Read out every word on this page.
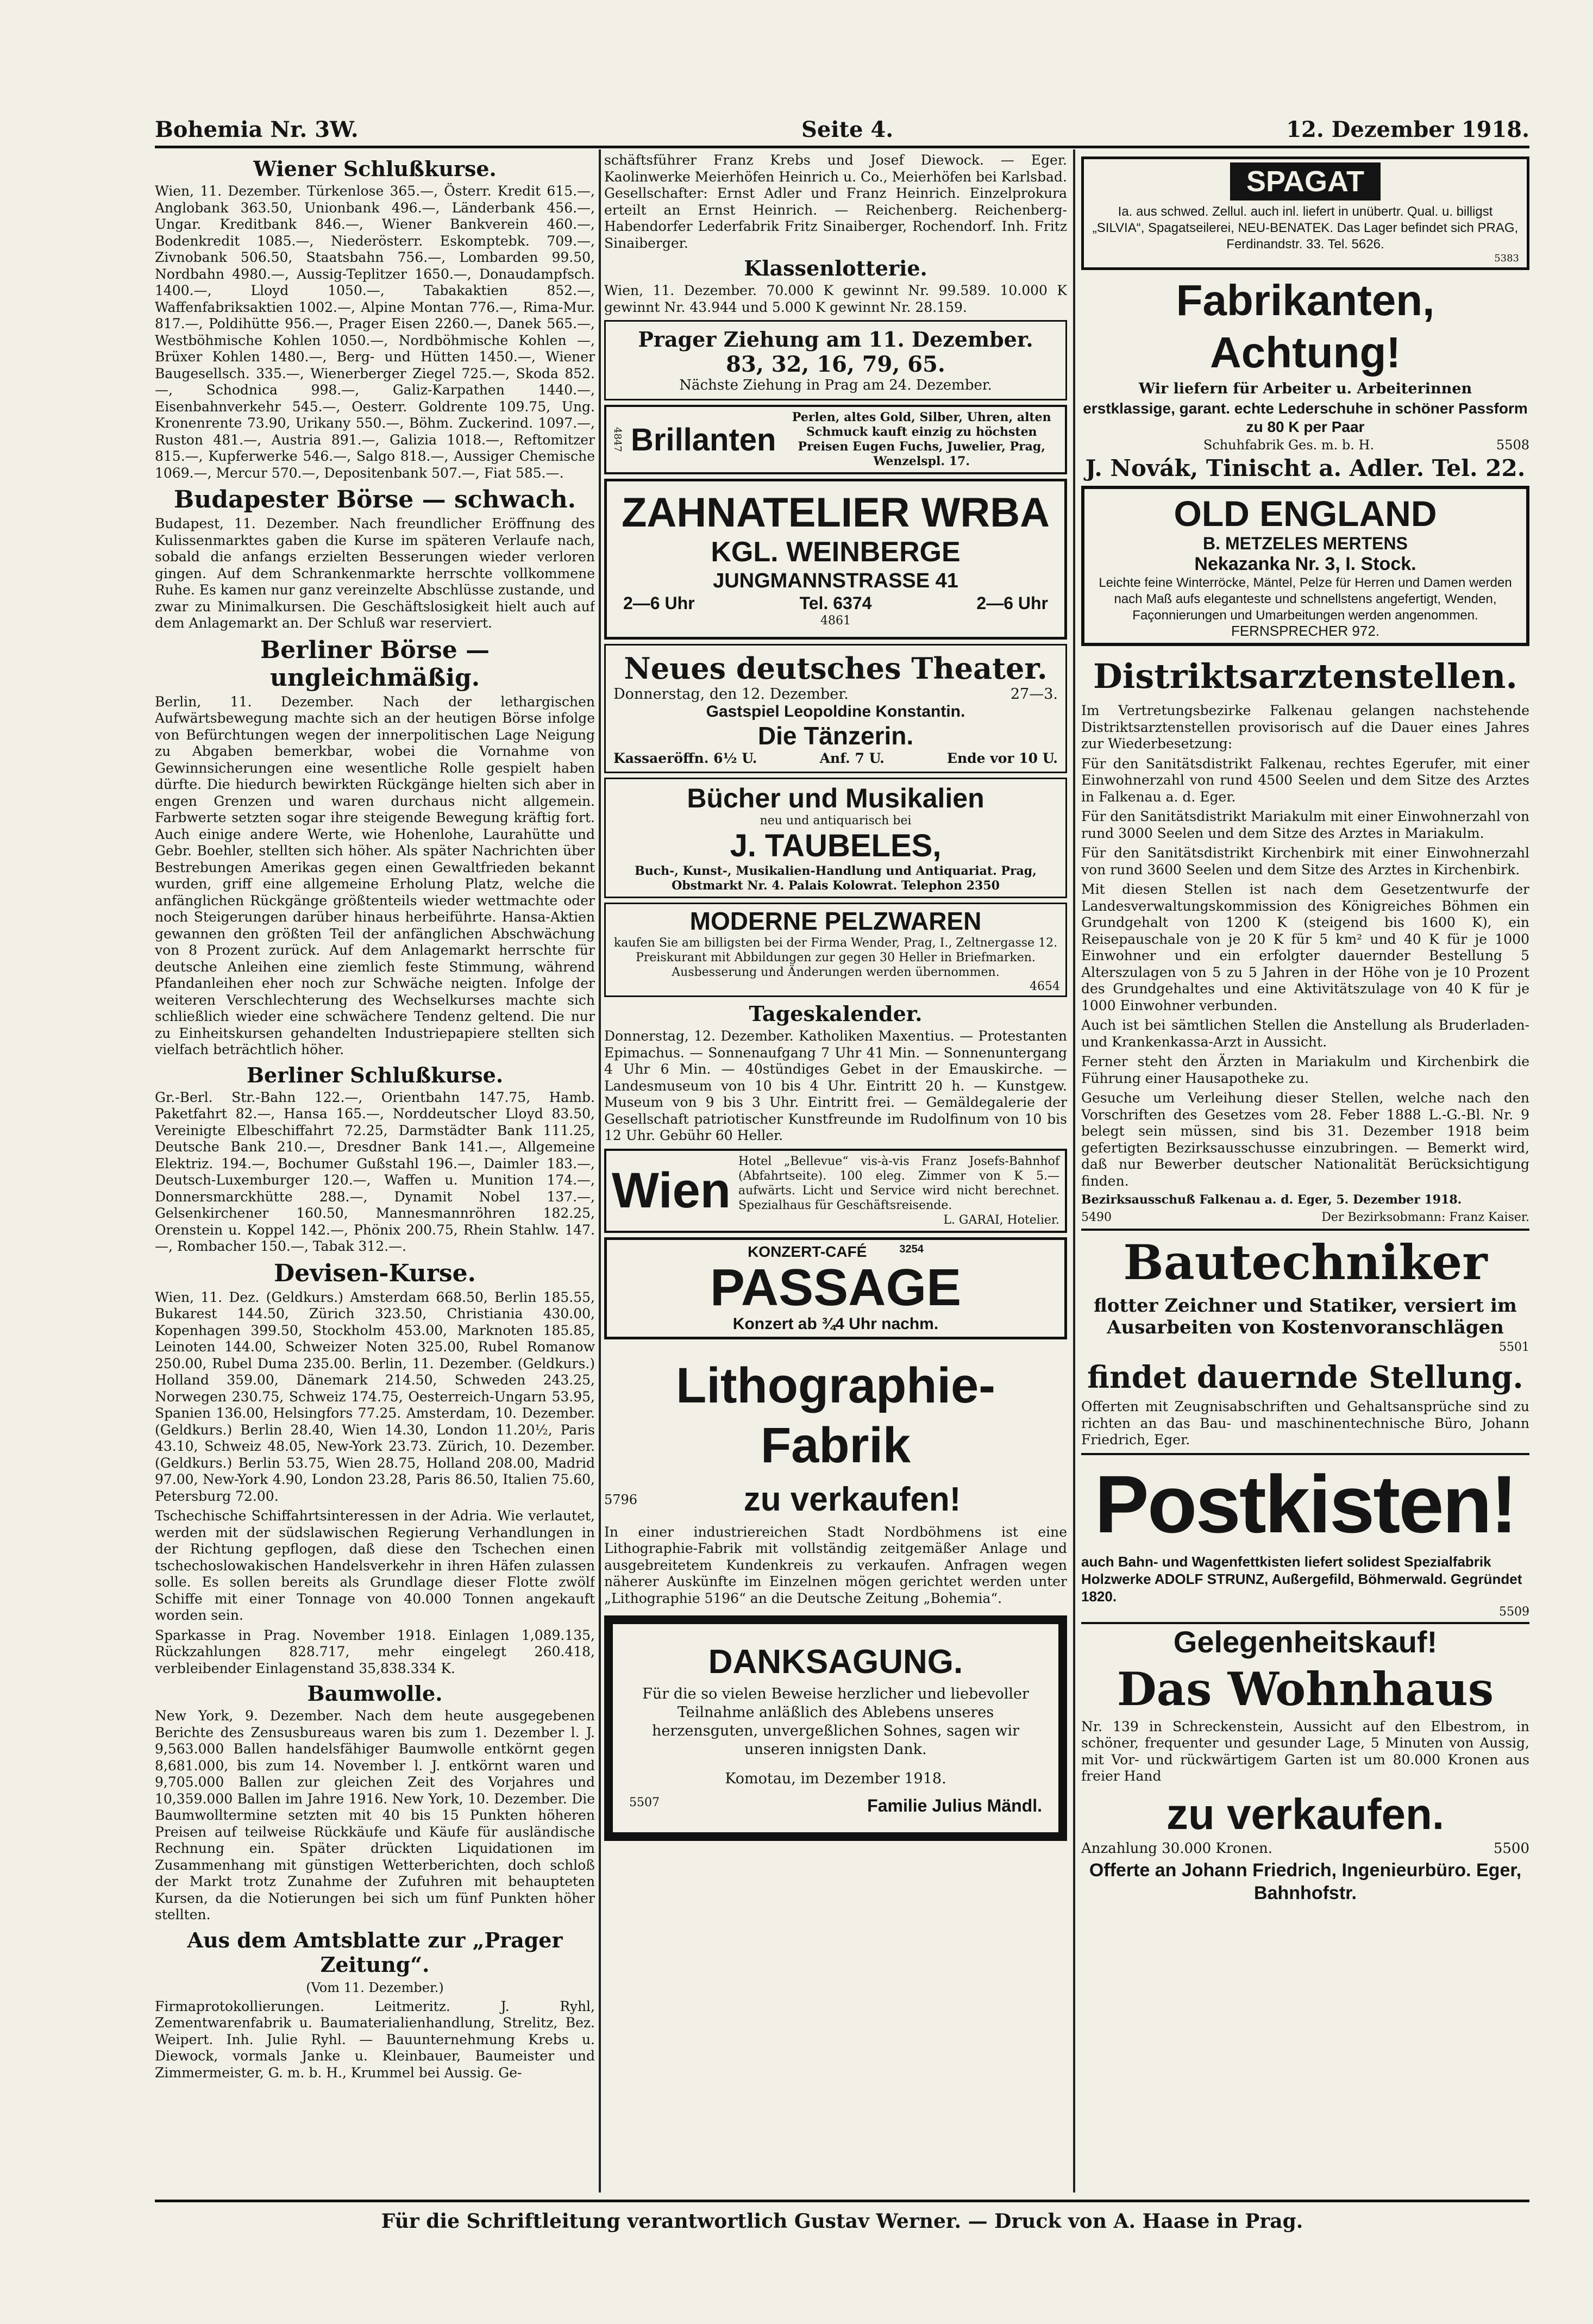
Bohemia Nr. 3W.	Seite 4.	12. Dezember 1918.
Wiener Schlußkurse.

Wien, 11. Dezember. Türkenlose 365.—, Österr. Kredit 615.—, Anglobank 363.50, Unionbank 496.—, Länderbank 456.—, Ungar. Kreditbank 846.—, Wiener Bankverein 460.—, Bodenkredit 1085.—, Niederösterr. Eskomptebk. 709.—, Zivnobank 506.50, Staatsbahn 756.—, Lombarden 99.50, Nordbahn 4980.—, Aussig-Teplitzer 1650.—, Donaudampfsch. 1400.—, Lloyd 1050.—, Tabakaktien 852.—, Waffenfabriksaktien 1002.—, Alpine Montan 776.—, Rima-Mur. 817.—, Poldihütte 956.—, Prager Eisen 2260.—, Danek 565.—, Westböhmische Kohlen 1050.—, Nordböhmische Kohlen —, Brüxer Kohlen 1480.—, Berg- und Hütten 1450.—, Wiener Baugesellsch. 335.—, Wienerberger Ziegel 725.—, Skoda 852.—, Schodnica 998.—, Galiz-Karpathen 1440.—, Eisenbahnverkehr 545.—, Oesterr. Goldrente 109.75, Ung. Kronenrente 73.90, Urikany 550.—, Böhm. Zuckerind. 1097.—, Ruston 481.—, Austria 891.—, Galizia 1018.—, Reftomitzer 815.—, Kupferwerke 546.—, Salgo 818.—, Aussiger Chemische 1069.—, Mercur 570.—, Depositenbank 507.—, Fiat 585.—.

Budapester Börse — schwach.

Budapest, 11. Dezember. Nach freundlicher Eröffnung des Kulissenmarktes gaben die Kurse im späteren Verlaufe nach, sobald die anfangs erzielten Besserungen wieder verloren gingen. Auf dem Schrankenmarkte herrschte vollkommene Ruhe. Es kamen nur ganz vereinzelte Abschlüsse zustande, und zwar zu Minimalkursen. Die Geschäftslosigkeit hielt auch auf dem Anlagemarkt an. Der Schluß war reserviert.

Berliner Börse — ungleichmäßig.

Berlin, 11. Dezember. Nach der lethargischen Aufwärtsbewegung machte sich an der heutigen Börse infolge von Befürchtungen wegen der innerpolitischen Lage Neigung zu Abgaben bemerkbar, wobei die Vornahme von Gewinnsicherungen eine wesentliche Rolle gespielt haben dürfte. Die hiedurch bewirkten Rückgänge hielten sich aber in engen Grenzen und waren durchaus nicht allgemein. Farbwerte setzten sogar ihre steigende Bewegung kräftig fort. Auch einige andere Werte, wie Hohenlohe, Laurahütte und Gebr. Boehler, stellten sich höher. Als später Nachrichten über Bestrebungen Amerikas gegen einen Gewaltfrieden bekannt wurden, griff eine allgemeine Erholung Platz, welche die anfänglichen Rückgänge größtenteils wieder wettmachte oder noch Steigerungen darüber hinaus herbeiführte. Hansa-Aktien gewannen den größten Teil der anfänglichen Abschwächung von 8 Prozent zurück. Auf dem Anlagemarkt herrschte für deutsche Anleihen eine ziemlich feste Stimmung, während Pfandanleihen eher noch zur Schwäche neigten. Infolge der weiteren Verschlechterung des Wechselkurses machte sich schließlich wieder eine schwächere Tendenz geltend. Die nur zu Einheitskursen gehandelten Industriepapiere stellten sich vielfach beträchtlich höher.

Berliner Schlußkurse.

Gr.-Berl. Str.-Bahn 122.—, Orientbahn 147.75, Hamb. Paketfahrt 82.—, Hansa 165.—, Norddeutscher Lloyd 83.50, Vereinigte Elbeschiffahrt 72.25, Darmstädter Bank 111.25, Deutsche Bank 210.—, Dresdner Bank 141.—, Allgemeine Elektriz. 194.—, Bochumer Gußstahl 196.—, Daimler 183.—, Deutsch-Luxemburger 120.—, Waffen u. Munition 174.—, Donnersmarckhütte 288.—, Dynamit Nobel 137.—, Gelsenkirchener 160.50, Mannesmannröhren 182.25, Orenstein u. Koppel 142.—, Phönix 200.75, Rhein Stahlw. 147.—, Rombacher 150.—, Tabak 312.—.

Devisen-Kurse.

Wien, 11. Dez. (Geldkurs.) Amsterdam 668.50, Berlin 185.55, Bukarest 144.50, Zürich 323.50, Christiania 430.00, Kopenhagen 399.50, Stockholm 453.00, Marknoten 185.85, Leinoten 144.00, Schweizer Noten 325.00, Rubel Romanow 250.00, Rubel Duma 235.00. Berlin, 11. Dezember. (Geldkurs.) Holland 359.00, Dänemark 214.50, Schweden 243.25, Norwegen 230.75, Schweiz 174.75, Oesterreich-Ungarn 53.95, Spanien 136.00, Helsingfors 77.25. Amsterdam, 10. Dezember. (Geldkurs.) Berlin 28.40, Wien 14.30, London 11.20½, Paris 43.10, Schweiz 48.05, New-York 23.73. Zürich, 10. Dezember. (Geldkurs.) Berlin 53.75, Wien 28.75, Holland 208.00, Madrid 97.00, New-York 4.90, London 23.28, Paris 86.50, Italien 75.60, Petersburg 72.00.

Tschechische Schiffahrtsinteressen in der Adria. Wie verlautet, werden mit der südslawischen Regierung Verhandlungen in der Richtung gepflogen, daß diese den Tschechen einen tschechoslowakischen Handelsverkehr in ihren Häfen zulassen solle. Es sollen bereits als Grundlage dieser Flotte zwölf Schiffe mit einer Tonnage von 40.000 Tonnen angekauft worden sein.

Sparkasse in Prag. November 1918. Einlagen 1,089.135, Rückzahlungen 828.717, mehr eingelegt 260.418, verbleibender Einlagenstand 35,838.334 K.

Baumwolle.

New York, 9. Dezember. Nach dem heute ausgegebenen Berichte des Zensusbureaus waren bis zum 1. Dezember l. J. 9,563.000 Ballen handelsfähiger Baumwolle entkörnt gegen 8,681.000, bis zum 14. November l. J. entkörnt waren und 9,705.000 Ballen zur gleichen Zeit des Vorjahres und 10,359.000 Ballen im Jahre 1916. New York, 10. Dezember. Die Baumwolltermine setzten mit 40 bis 15 Punkten höheren Preisen auf teilweise Rückkäufe und Käufe für ausländische Rechnung ein. Später drückten Liquidationen im Zusammenhang mit günstigen Wetterberichten, doch schloß der Markt trotz Zunahme der Zufuhren mit behaupteten Kursen, da die Notierungen bei sich um fünf Punkten höher stellten.

Aus dem Amtsblatte zur „Prager Zeitung“.
(Vom 11. Dezember.)

Firmaprotokollierungen. Leitmeritz. J. Ryhl, Zementwarenfabrik u. Baumaterialienhandlung, Strelitz, Bez. Weipert. Inh. Julie Ryhl. — Bauunternehmung Krebs u. Diewock, vormals Janke u. Kleinbauer, Baumeister und Zimmermeister, G. m. b. H., Krummel bei Aussig. Ge-

schäftsführer Franz Krebs und Josef Diewock. — Eger. Kaolinwerke Meierhöfen Heinrich u. Co., Meierhöfen bei Karlsbad. Gesellschafter: Ernst Adler und Franz Heinrich. Einzelprokura erteilt an Ernst Heinrich. — Reichenberg. Reichenberg-Habendorfer Lederfabrik Fritz Sinaiberger, Rochendorf. Inh. Fritz Sinaiberger.

Klassenlotterie.

Wien, 11. Dezember. 70.000 K gewinnt Nr. 99.589. 10.000 K gewinnt Nr. 43.944 und 5.000 K gewinnt Nr. 28.159.

Prager Ziehung am 11. Dezember.
83, 32, 16, 79, 65.
Nächste Ziehung in Prag am 24. Dezember.
4847 Brillanten
Perlen, altes Gold, Silber, Uhren, alten Schmuck kauft einzig zu höchsten Preisen Eugen Fuchs, Juwelier, Prag, Wenzelspl. 17.
ZAHNATELIER WRBA
KGL. WEINBERGE
JUNGMANNSTRASSE 41
2—6 Uhr	Tel. 6374	2—6 Uhr
4861
Neues deutsches Theater.
Donnerstag, den 12. Dezember.	27—3.
Gastspiel Leopoldine Konstantin.
Die Tänzerin.
Kassaeröffn. 6½ U.	Anf. 7 U.	Ende vor 10 U.
Bücher und Musikalien
neu und antiquarisch bei
J. TAUBELES,
Buch-, Kunst-, Musikalien-Handlung und Antiquariat. Prag, Obstmarkt Nr. 4. Palais Kolowrat. Telephon 2350
MODERNE PELZWAREN
kaufen Sie am billigsten bei der Firma Wender, Prag, I., Zeltnergasse 12. Preiskurant mit Abbildungen zur gegen 30 Heller in Briefmarken. Ausbesserung und Änderungen werden übernommen.
4654
Tageskalender.

Donnerstag, 12. Dezember. Katholiken Maxentius. — Protestanten Epimachus. — Sonnenaufgang 7 Uhr 41 Min. — Sonnenuntergang 4 Uhr 6 Min. — 40stündiges Gebet in der Emauskirche. — Landesmuseum von 10 bis 4 Uhr. Eintritt 20 h. — Kunstgew. Museum von 9 bis 3 Uhr. Eintritt frei. — Gemäldegalerie der Gesellschaft patriotischer Kunstfreunde im Rudolfinum von 10 bis 12 Uhr. Gebühr 60 Heller.

Wien
Hotel „Bellevue“ vis-à-vis Franz Josefs-Bahnhof (Abfahrtseite). 100 eleg. Zimmer von K 5.— aufwärts. Licht und Service wird nicht berechnet. Spezialhaus für Geschäftsreisende.
L. GARAI, Hotelier.
KONZERT-CAFÉ	3254
PASSAGE
Konzert ab ¾4 Uhr nachm.
Lithographie-Fabrik
5796	zu verkaufen!

In einer industriereichen Stadt Nordböhmens ist eine Lithographie-Fabrik mit vollständig zeitgemäßer Anlage und ausgebreitetem Kundenkreis zu verkaufen. Anfragen wegen näherer Auskünfte im Einzelnen mögen gerichtet werden unter „Lithographie 5196“ an die Deutsche Zeitung „Bohemia“.

DANKSAGUNG.
Für die so vielen Beweise herzlicher und liebevoller Teilnahme anläßlich des Ablebens unseres herzensguten, unvergeßlichen Sohnes, sagen wir unseren innigsten Dank.
Komotau, im Dezember 1918.
5507	Familie Julius Mändl.
SPAGAT
Ia. aus schwed. Zellul. auch inl. liefert in unübertr. Qual. u. billigst „SILVIA“, Spagatseilerei, NEU-BENATEK. Das Lager befindet sich PRAG, Ferdinandstr. 33. Tel. 5626.
5383
Fabrikanten, Achtung!
Wir liefern für Arbeiter u. Arbeiterinnen
erstklassige, garant. echte Lederschuhe in schöner Passform zu 80 K per Paar
Schuhfabrik Ges. m. b. H.	5508
J. Novák, Tinischt a. Adler. Tel. 22.
OLD ENGLAND
B. METZELES MERTENS
Nekazanka Nr. 3, I. Stock.
Leichte feine Winterröcke, Mäntel, Pelze für Herren und Damen werden nach Maß aufs eleganteste und schnellstens angefertigt, Wenden, Façonnierungen und Umarbeitungen werden angenommen.
FERNSPRECHER 972.
Distriktsarztenstellen.

Im Vertretungsbezirke Falkenau gelangen nachstehende Distriktsarztenstellen provisorisch auf die Dauer eines Jahres zur Wiederbesetzung:

Für den Sanitätsdistrikt Falkenau, rechtes Egerufer, mit einer Einwohnerzahl von rund 4500 Seelen und dem Sitze des Arztes in Falkenau a. d. Eger.

Für den Sanitätsdistrikt Mariakulm mit einer Einwohnerzahl von rund 3000 Seelen und dem Sitze des Arztes in Mariakulm.

Für den Sanitätsdistrikt Kirchenbirk mit einer Einwohnerzahl von rund 3600 Seelen und dem Sitze des Arztes in Kirchenbirk.

Mit diesen Stellen ist nach dem Gesetzentwurfe der Landesverwaltungskommission des Königreiches Böhmen ein Grundgehalt von 1200 K (steigend bis 1600 K), ein Reisepauschale von je 20 K für 5 km² und 40 K für je 1000 Einwohner und ein erfolgter dauernder Bestellung 5 Alterszulagen von 5 zu 5 Jahren in der Höhe von je 10 Prozent des Grundgehaltes und eine Aktivitätszulage von 40 K für je 1000 Einwohner verbunden.

Auch ist bei sämtlichen Stellen die Anstellung als Bruderladen- und Krankenkassa-Arzt in Aussicht.

Ferner steht den Ärzten in Mariakulm und Kirchenbirk die Führung einer Hausapotheke zu.

Gesuche um Verleihung dieser Stellen, welche nach den Vorschriften des Gesetzes vom 28. Feber 1888 L.-G.-Bl. Nr. 9 belegt sein müssen, sind bis 31. Dezember 1918 beim gefertigten Bezirksausschusse einzubringen. — Bemerkt wird, daß nur Bewerber deutscher Nationalität Berücksichtigung finden.

Bezirksausschuß Falkenau a. d. Eger, 5. Dezember 1918.

5490	Der Bezirksobmann: Franz Kaiser.
Bautechniker
flotter Zeichner und Statiker, versiert im Ausarbeiten von Kostenvoranschlägen
5501
findet dauernde Stellung.

Offerten mit Zeugnisabschriften und Gehaltsansprüche sind zu richten an das Bau- und maschinentechnische Büro, Johann Friedrich, Eger.

Postkisten!
auch Bahn- und Wagenfettkisten liefert solidest Spezialfabrik Holzwerke ADOLF STRUNZ, Außergefild, Böhmerwald. Gegründet 1820.
5509
Gelegenheitskauf!
Das Wohnhaus

Nr. 139 in Schreckenstein, Aussicht auf den Elbestrom, in schöner, frequenter und gesunder Lage, 5 Minuten von Aussig, mit Vor- und rückwärtigem Garten ist um 80.000 Kronen aus freier Hand

zu verkaufen.
Anzahlung 30.000 Kronen.	5500
Offerte an Johann Friedrich, Ingenieurbüro. Eger, Bahnhofstr.
Für die Schriftleitung verantwortlich Gustav Werner. — Druck von A. Haase in Prag.
